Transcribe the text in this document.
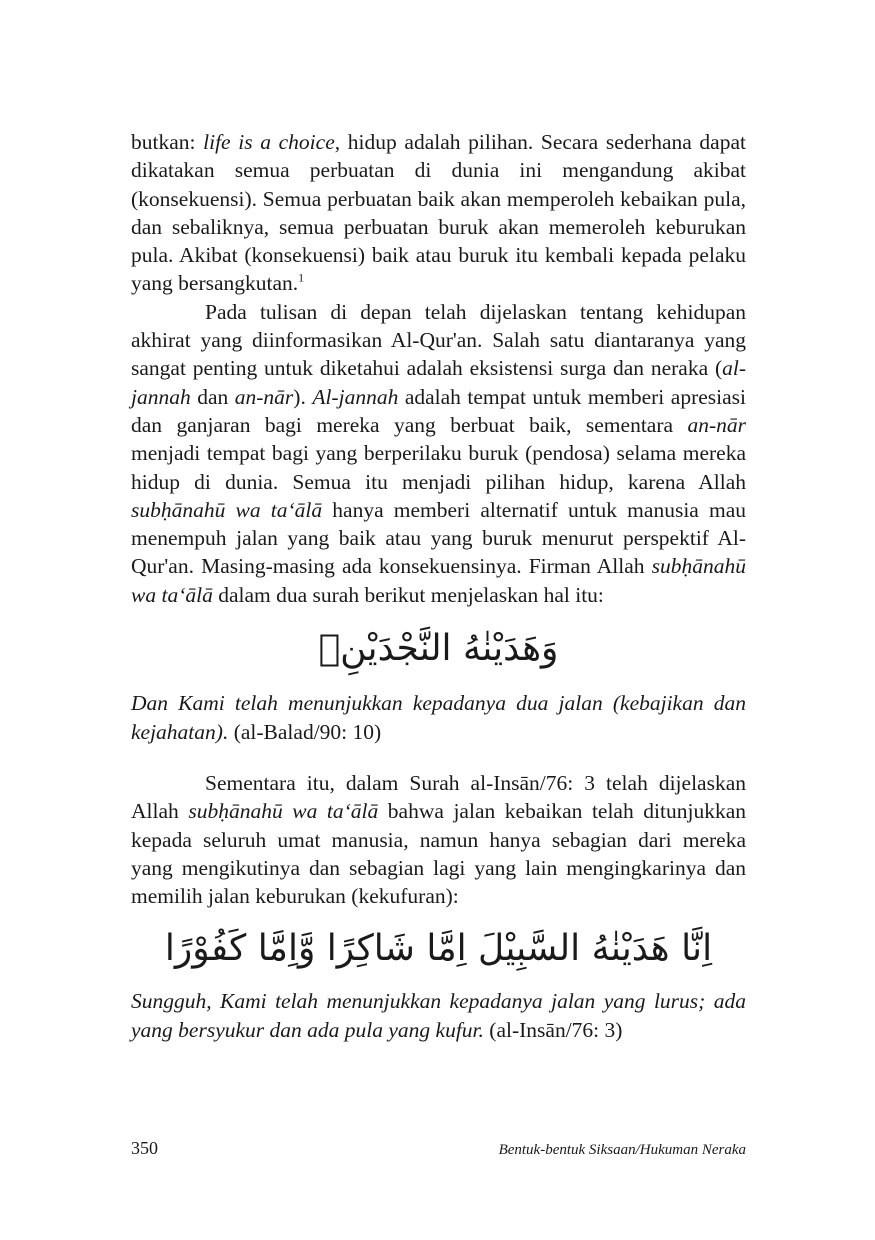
butkan: life is a choice, hidup adalah pilihan. Secara sederhana dapat dikatakan semua perbuatan di dunia ini mengandung akibat (konsekuensi). Semua perbuatan baik akan memperoleh kebaikan pula, dan sebaliknya, semua perbuatan buruk akan memeroleh keburukan pula. Akibat (konsekuensi) baik atau buruk itu kembali kepada pelaku yang bersangkutan.$^1$

Pada tulisan di depan telah dijelaskan tentang kehidupan akhirat yang diinformasikan Al-Qur'an. Salah satu diantaranya yang sangat penting untuk diketahui adalah eksistensi surga dan neraka (al-jannah dan an-nār). Al-jannah adalah tempat untuk memberi apresiasi dan ganjaran bagi mereka yang berbuat baik, sementara an-nār menjadi tempat bagi yang berperilaku buruk (pendosa) selama mereka hidup di dunia. Semua itu menjadi pilihan hidup, karena Allah subḥānahū wa ta‘ālā hanya memberi alternatif untuk manusia mau menempuh jalan yang baik atau yang buruk menurut perspektif Al-Qur'an. Masing-masing ada konsekuensinya. Firman Allah subḥānahū wa ta‘ālā dalam dua surah berikut menjelaskan hal itu:

وَهَدَيْنٰهُ النَّجْدَيْنِۚ

Dan Kami telah menunjukkan kepadanya dua jalan (kebajikan dan kejahatan). (al-Balad/90: 10)

Sementara itu, dalam Surah al-Insān/76: 3 telah dijelaskan Allah subḥānahū wa ta‘ālā bahwa jalan kebaikan telah ditunjukkan kepada seluruh umat manusia, namun hanya sebagian dari mereka yang mengikutinya dan sebagian lagi yang lain mengingkarinya dan memilih jalan keburukan (kekufuran):

اِنَّا هَدَيْنٰهُ السَّبِيْلَ اِمَّا شَاكِرًا وَّاِمَّا كَفُوْرًا

Sungguh, Kami telah menunjukkan kepadanya jalan yang lurus; ada yang bersyukur dan ada pula yang kufur. (al-Insān/76: 3)

350	Bentuk-bentuk Siksaan/Hukuman Neraka
